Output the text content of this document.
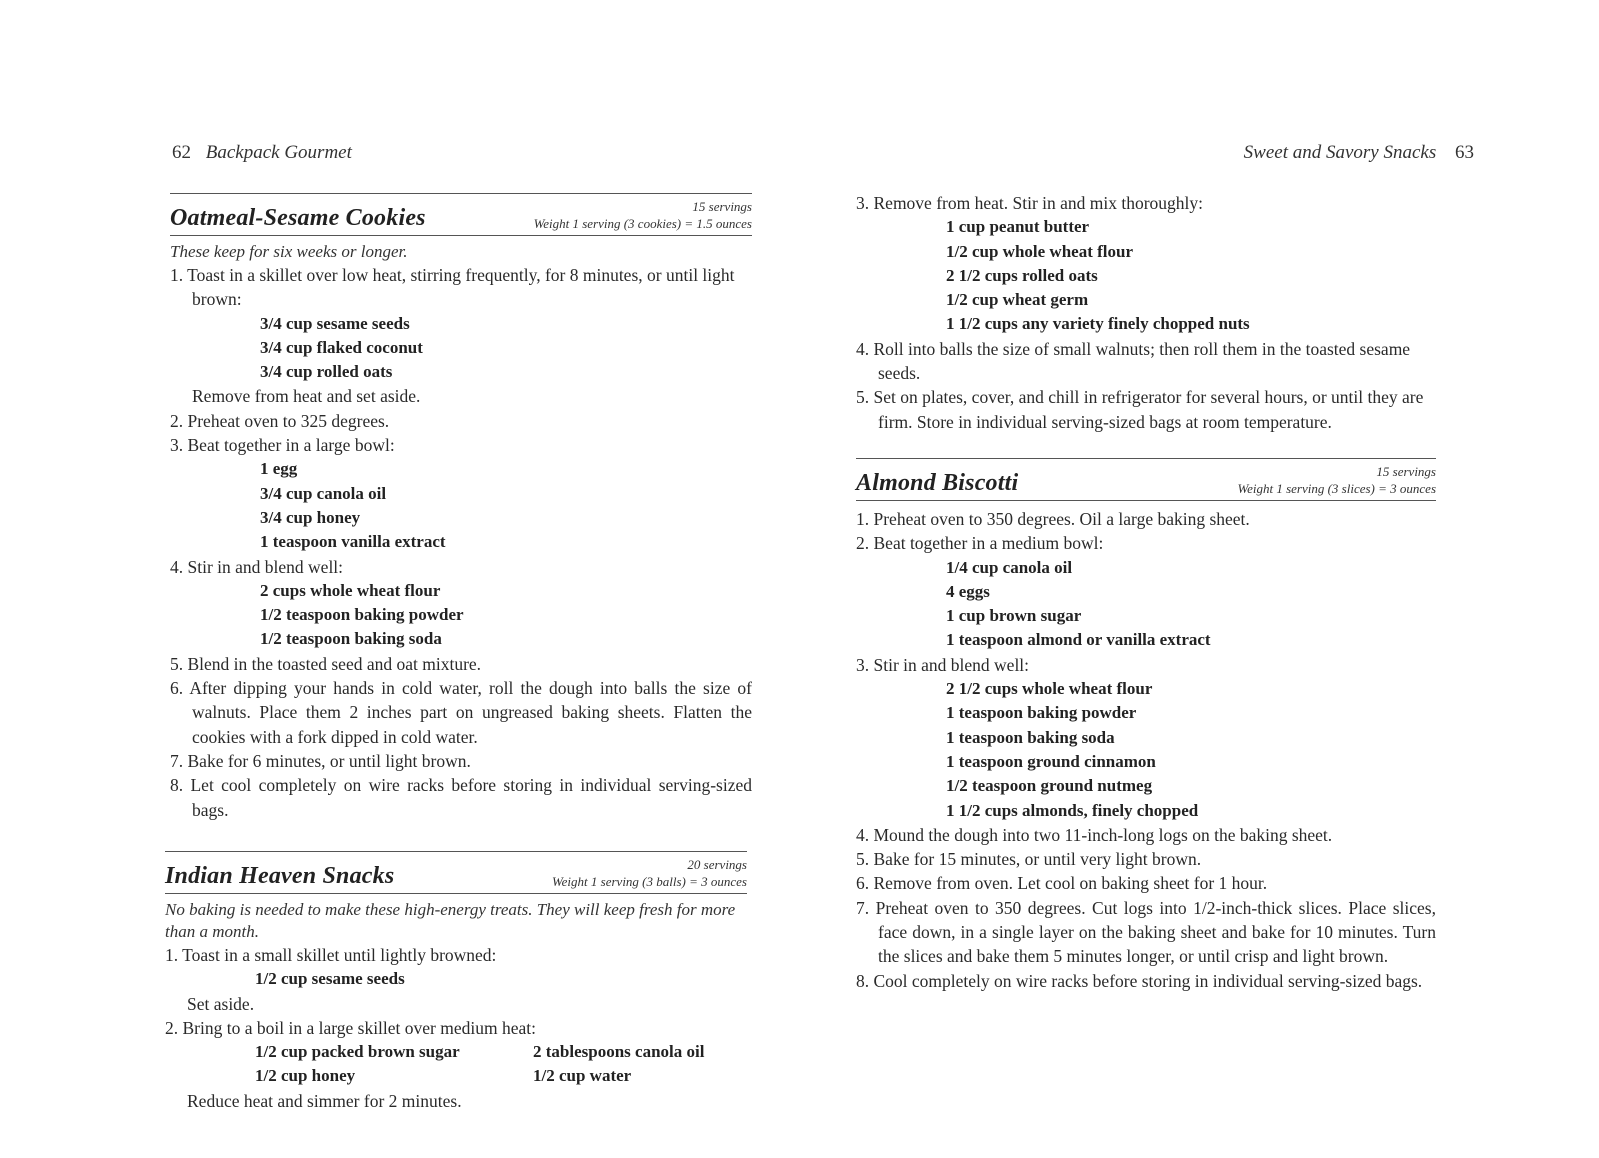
62 Backpack Gourmet	Sweet and Savory Snacks 63
Oatmeal-Sesame Cookies	15 servings
Weight 1 serving (3 cookies) = 1.5 ounces
These keep for six weeks or longer.
1. Toast in a skillet over low heat, stirring frequently, for 8 minutes, or until light brown:
3/4 cup sesame seeds
3/4 cup flaked coconut
3/4 cup rolled oats
Remove from heat and set aside.
2. Preheat oven to 325 degrees.
3. Beat together in a large bowl:
1 egg
3/4 cup canola oil
3/4 cup honey
1 teaspoon vanilla extract
4. Stir in and blend well:
2 cups whole wheat flour
1/2 teaspoon baking powder
1/2 teaspoon baking soda
5. Blend in the toasted seed and oat mixture.
6. After dipping your hands in cold water, roll the dough into balls the size of walnuts. Place them 2 inches part on ungreased baking sheets. Flatten the cookies with a fork dipped in cold water.
7. Bake for 6 minutes, or until light brown.
8. Let cool completely on wire racks before storing in individual serving-sized bags.
Indian Heaven Snacks	20 servings
Weight 1 serving (3 balls) = 3 ounces
No baking is needed to make these high-energy treats. They will keep fresh for more than a month.
1. Toast in a small skillet until lightly browned:
1/2 cup sesame seeds
Set aside.
2. Bring to a boil in a large skillet over medium heat:
1/2 cup packed brown sugar	2 tablespoons canola oil
1/2 cup honey	1/2 cup water
Reduce heat and simmer for 2 minutes.
3. Remove from heat. Stir in and mix thoroughly:
1 cup peanut butter
1/2 cup whole wheat flour
2 1/2 cups rolled oats
1/2 cup wheat germ
1 1/2 cups any variety finely chopped nuts
4. Roll into balls the size of small walnuts; then roll them in the toasted sesame seeds.
5. Set on plates, cover, and chill in refrigerator for several hours, or until they are firm. Store in individual serving-sized bags at room temperature.
Almond Biscotti	15 servings
Weight 1 serving (3 slices) = 3 ounces
1. Preheat oven to 350 degrees. Oil a large baking sheet.
2. Beat together in a medium bowl:
1/4 cup canola oil
4 eggs
1 cup brown sugar
1 teaspoon almond or vanilla extract
3. Stir in and blend well:
2 1/2 cups whole wheat flour
1 teaspoon baking powder
1 teaspoon baking soda
1 teaspoon ground cinnamon
1/2 teaspoon ground nutmeg
1 1/2 cups almonds, finely chopped
4. Mound the dough into two 11-inch-long logs on the baking sheet.
5. Bake for 15 minutes, or until very light brown.
6. Remove from oven. Let cool on baking sheet for 1 hour.
7. Preheat oven to 350 degrees. Cut logs into 1/2-inch-thick slices. Place slices, face down, in a single layer on the baking sheet and bake for 10 minutes. Turn the slices and bake them 5 minutes longer, or until crisp and light brown.
8. Cool completely on wire racks before storing in individual serving-sized bags.
